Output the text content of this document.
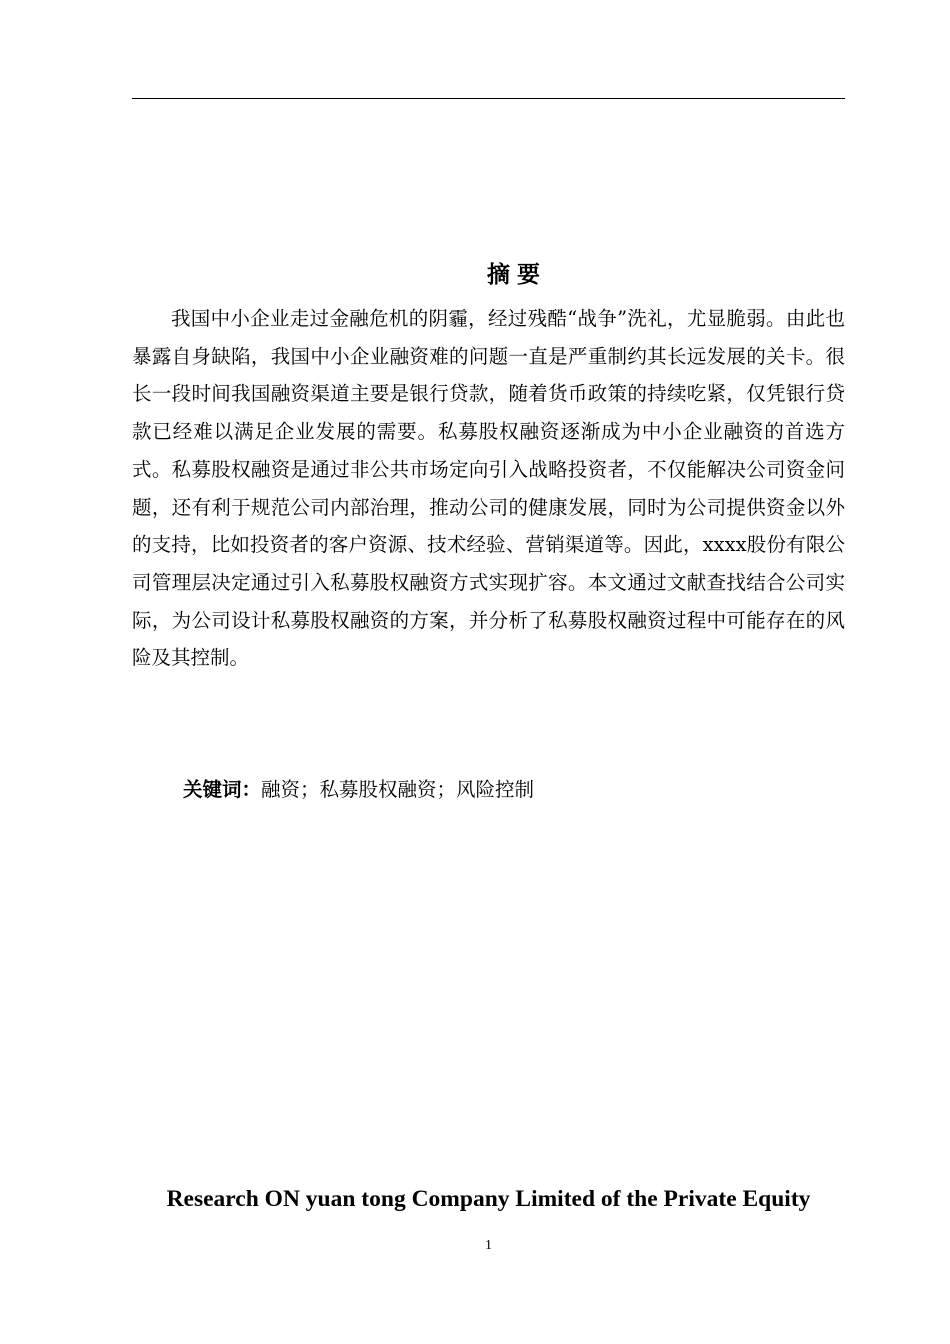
摘要

我国中小企业走过金融危机的阴霾，经过残酷“战争”洗礼，尤显脆弱。由此也暴露自身缺陷，我国中小企业融资难的问题一直是严重制约其长远发展的关卡。很长一段时间我国融资渠道主要是银行贷款，随着货币政策的持续吃紧，仅凭银行贷款已经难以满足企业发展的需要。私募股权融资逐渐成为中小企业融资的首选方式。私募股权融资是通过非公共市场定向引入战略投资者，不仅能解决公司资金问题，还有利于规范公司内部治理，推动公司的健康发展，同时为公司提供资金以外的支持，比如投资者的客户资源、技术经验、营销渠道等。因此，xxxx股份有限公司管理层决定通过引入私募股权融资方式实现扩容。本文通过文献查找结合公司实际，为公司设计私募股权融资的方案，并分析了私募股权融资过程中可能存在的风险及其控制。

关键词：融资；私募股权融资；风险控制
Research ON yuan tong Company Limited of the Private Equity
1
